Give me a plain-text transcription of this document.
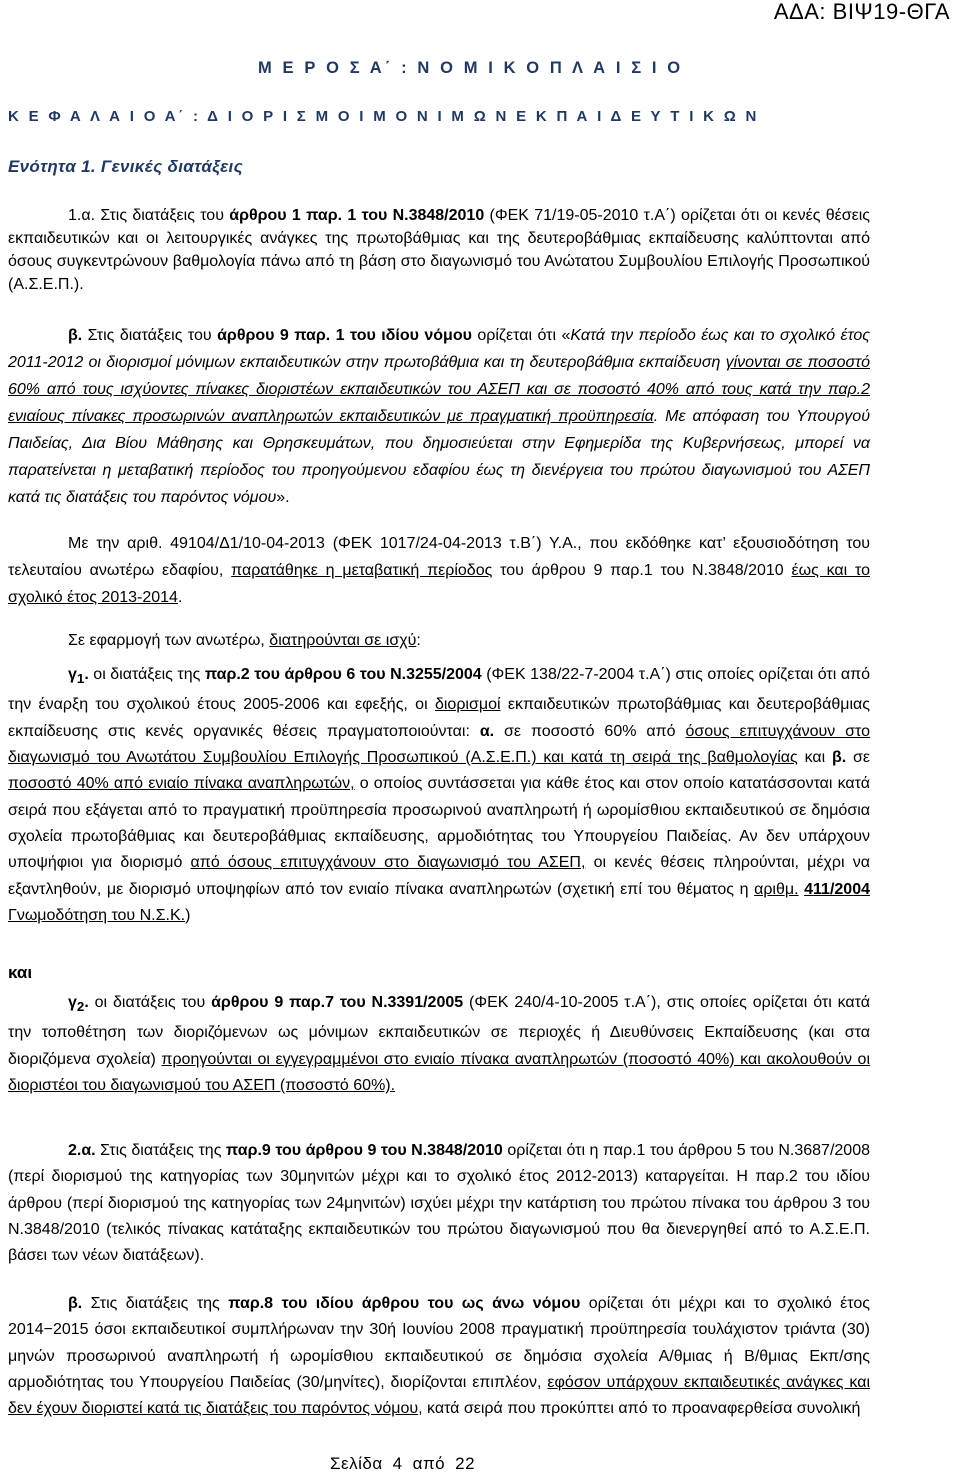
ΑΔΑ: ΒΙΨ19-ΘΓΑ
Μ Ε Ρ Ο Σ Α΄ : Ν Ο Μ Ι Κ Ο Π Λ Α Ι Σ Ι Ο
Κ Ε Φ Α Λ Α Ι Ο Α΄ : Δ Ι Ο Ρ Ι Σ Μ Ο Ι Μ Ο Ν Ι Μ Ω Ν Ε Κ Π Α Ι Δ Ε Υ Τ Ι Κ Ω Ν
Ενότητα 1. Γενικές διατάξεις

1.α. Στις διατάξεις του άρθρου 1 παρ. 1 του Ν.3848/2010 (ΦΕΚ 71/19-05-2010 τ.Α΄) ορίζεται ότι οι κενές θέσεις εκπαιδευτικών και οι λειτουργικές ανάγκες της πρωτοβάθμιας και της δευτεροβάθμιας εκπαίδευσης καλύπτονται από όσους συγκεντρώνουν βαθμολογία πάνω από τη βάση στο διαγωνισμό του Ανώτατου Συμβουλίου Επιλογής Προσωπικού (Α.Σ.Ε.Π.).

β. Στις διατάξεις του άρθρου 9 παρ. 1 του ιδίου νόμου ορίζεται ότι «Κατά την περίοδο έως και το σχολικό έτος 2011-2012 οι διορισμοί μόνιμων εκπαιδευτικών στην πρωτοβάθμια και τη δευτεροβάθμια εκπαίδευση γίνονται σε ποσοστό 60% από τους ισχύοντες πίνακες διοριστέων εκπαιδευτικών του ΑΣΕΠ και σε ποσοστό 40% από τους κατά την παρ.2 ενιαίους πίνακες προσωρινών αναπληρωτών εκπαιδευτικών με πραγματική προϋπηρεσία. Με απόφαση του Υπουργού Παιδείας, Δια Βίου Μάθησης και Θρησκευμάτων, που δημοσιεύεται στην Εφημερίδα της Κυβερνήσεως, μπορεί να παρατείνεται η μεταβατική περίοδος του προηγούμενου εδαφίου έως τη διενέργεια του πρώτου διαγωνισμού του ΑΣΕΠ κατά τις διατάξεις του παρόντος νόμου».

Με την αριθ. 49104/Δ1/10-04-2013 (ΦΕΚ 1017/24-04-2013 τ.Β΄) Υ.Α., που εκδόθηκε κατ’ εξουσιοδότηση του τελευταίου ανωτέρω εδαφίου, παρατάθηκε η μεταβατική περίοδος του άρθρου 9 παρ.1 του Ν.3848/2010 έως και το σχολικό έτος 2013-2014.

Σε εφαρμογή των ανωτέρω, διατηρούνται σε ισχύ:

$\gamma_1$. οι διατάξεις της παρ.2 του άρθρου 6 του Ν.3255/2004 (ΦΕΚ 138/22-7-2004 τ.Α΄) στις οποίες ορίζεται ότι από την έναρξη του σχολικού έτους 2005-2006 και εφεξής, οι διορισμοί εκπαιδευτικών πρωτοβάθμιας και δευτεροβάθμιας εκπαίδευσης στις κενές οργανικές θέσεις πραγματοποιούνται: α. σε ποσοστό 60% από όσους επιτυγχάνουν στο διαγωνισμό του Ανωτάτου Συμβουλίου Επιλογής Προσωπικού (Α.Σ.Ε.Π.) και κατά τη σειρά της βαθμολογίας και β. σε ποσοστό 40% από ενιαίο πίνακα αναπληρωτών, ο οποίος συντάσσεται για κάθε έτος και στον οποίο κατατάσσονται κατά σειρά που εξάγεται από το πραγματική προϋπηρεσία προσωρινού αναπληρωτή ή ωρομίσθιου εκπαιδευτικού σε δημόσια σχολεία πρωτοβάθμιας και δευτεροβάθμιας εκπαίδευσης, αρμοδιότητας του Υπουργείου Παιδείας. Αν δεν υπάρχουν υποψήφιοι για διορισμό από όσους επιτυγχάνουν στο διαγωνισμό του ΑΣΕΠ, οι κενές θέσεις πληρούνται, μέχρι να εξαντληθούν, με διορισμό υποψηφίων από τον ενιαίο πίνακα αναπληρωτών (σχετική επί του θέματος η αριθμ. 411/2004 Γνωμοδότηση του Ν.Σ.Κ.)

και

$\gamma_2$. οι διατάξεις του άρθρου 9 παρ.7 του Ν.3391/2005 (ΦΕΚ 240/4-10-2005 τ.Α΄), στις οποίες ορίζεται ότι κατά την τοποθέτηση των διοριζόμενων ως μόνιμων εκπαιδευτικών σε περιοχές ή Διευθύνσεις Εκπαίδευσης (και στα διοριζόμενα σχολεία) προηγούνται οι εγγεγραμμένοι στο ενιαίο πίνακα αναπληρωτών (ποσοστό 40%) και ακολουθούν οι διοριστέοι του διαγωνισμού του ΑΣΕΠ (ποσοστό 60%).

2.α. Στις διατάξεις της παρ.9 του άρθρου 9 του Ν.3848/2010 ορίζεται ότι η παρ.1 του άρθρου 5 του Ν.3687/2008 (περί διορισμού της κατηγορίας των 30μηνιτών μέχρι και το σχολικό έτος 2012-2013) καταργείται. Η παρ.2 του ιδίου άρθρου (περί διορισμού της κατηγορίας των 24μηνιτών) ισχύει μέχρι την κατάρτιση του πρώτου πίνακα του άρθρου 3 του Ν.3848/2010 (τελικός πίνακας κατάταξης εκπαιδευτικών του πρώτου διαγωνισμού που θα διενεργηθεί από το Α.Σ.Ε.Π. βάσει των νέων διατάξεων).

β. Στις διατάξεις της παρ.8 του ιδίου άρθρου του ως άνω νόμου ορίζεται ότι μέχρι και το σχολικό έτος 2014−2015 όσοι εκπαιδευτικοί συμπλήρωναν την 30ή Ιουνίου 2008 πραγματική προϋπηρεσία τουλάχιστον τριάντα (30) μηνών προσωρινού αναπληρωτή ή ωρομίσθιου εκπαιδευτικού σε δημόσια σχολεία Α/θμιας ή Β/θμιας Εκπ/σης αρμοδιότητας του Υπουργείου Παιδείας (30/μηνίτες), διορίζονται επιπλέον, εφόσον υπάρχουν εκπαιδευτικές ανάγκες και δεν έχουν διοριστεί κατά τις διατάξεις του παρόντος νόμου, κατά σειρά που προκύπτει από το προαναφερθείσα συνολική

Σελίδα 4 από 22
